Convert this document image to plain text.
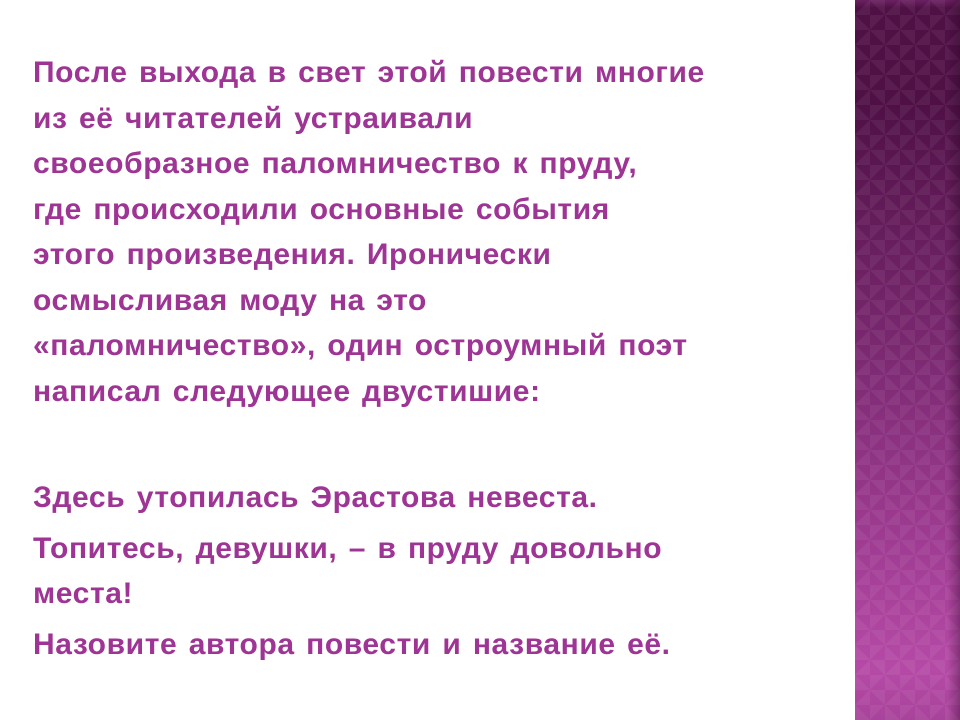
После выхода в свет этой повести многие
из её читателей устраивали
своеобразное паломничество к пруду,
где происходили основные события
этого произведения. Иронически
осмысливая моду на это
«паломничество», один остроумный поэт
написал следующее двустишие:
Здесь утопилась Эрастова невеста.
Топитесь, девушки, – в пруду довольно
места!
Назовите автора повести и название её.
